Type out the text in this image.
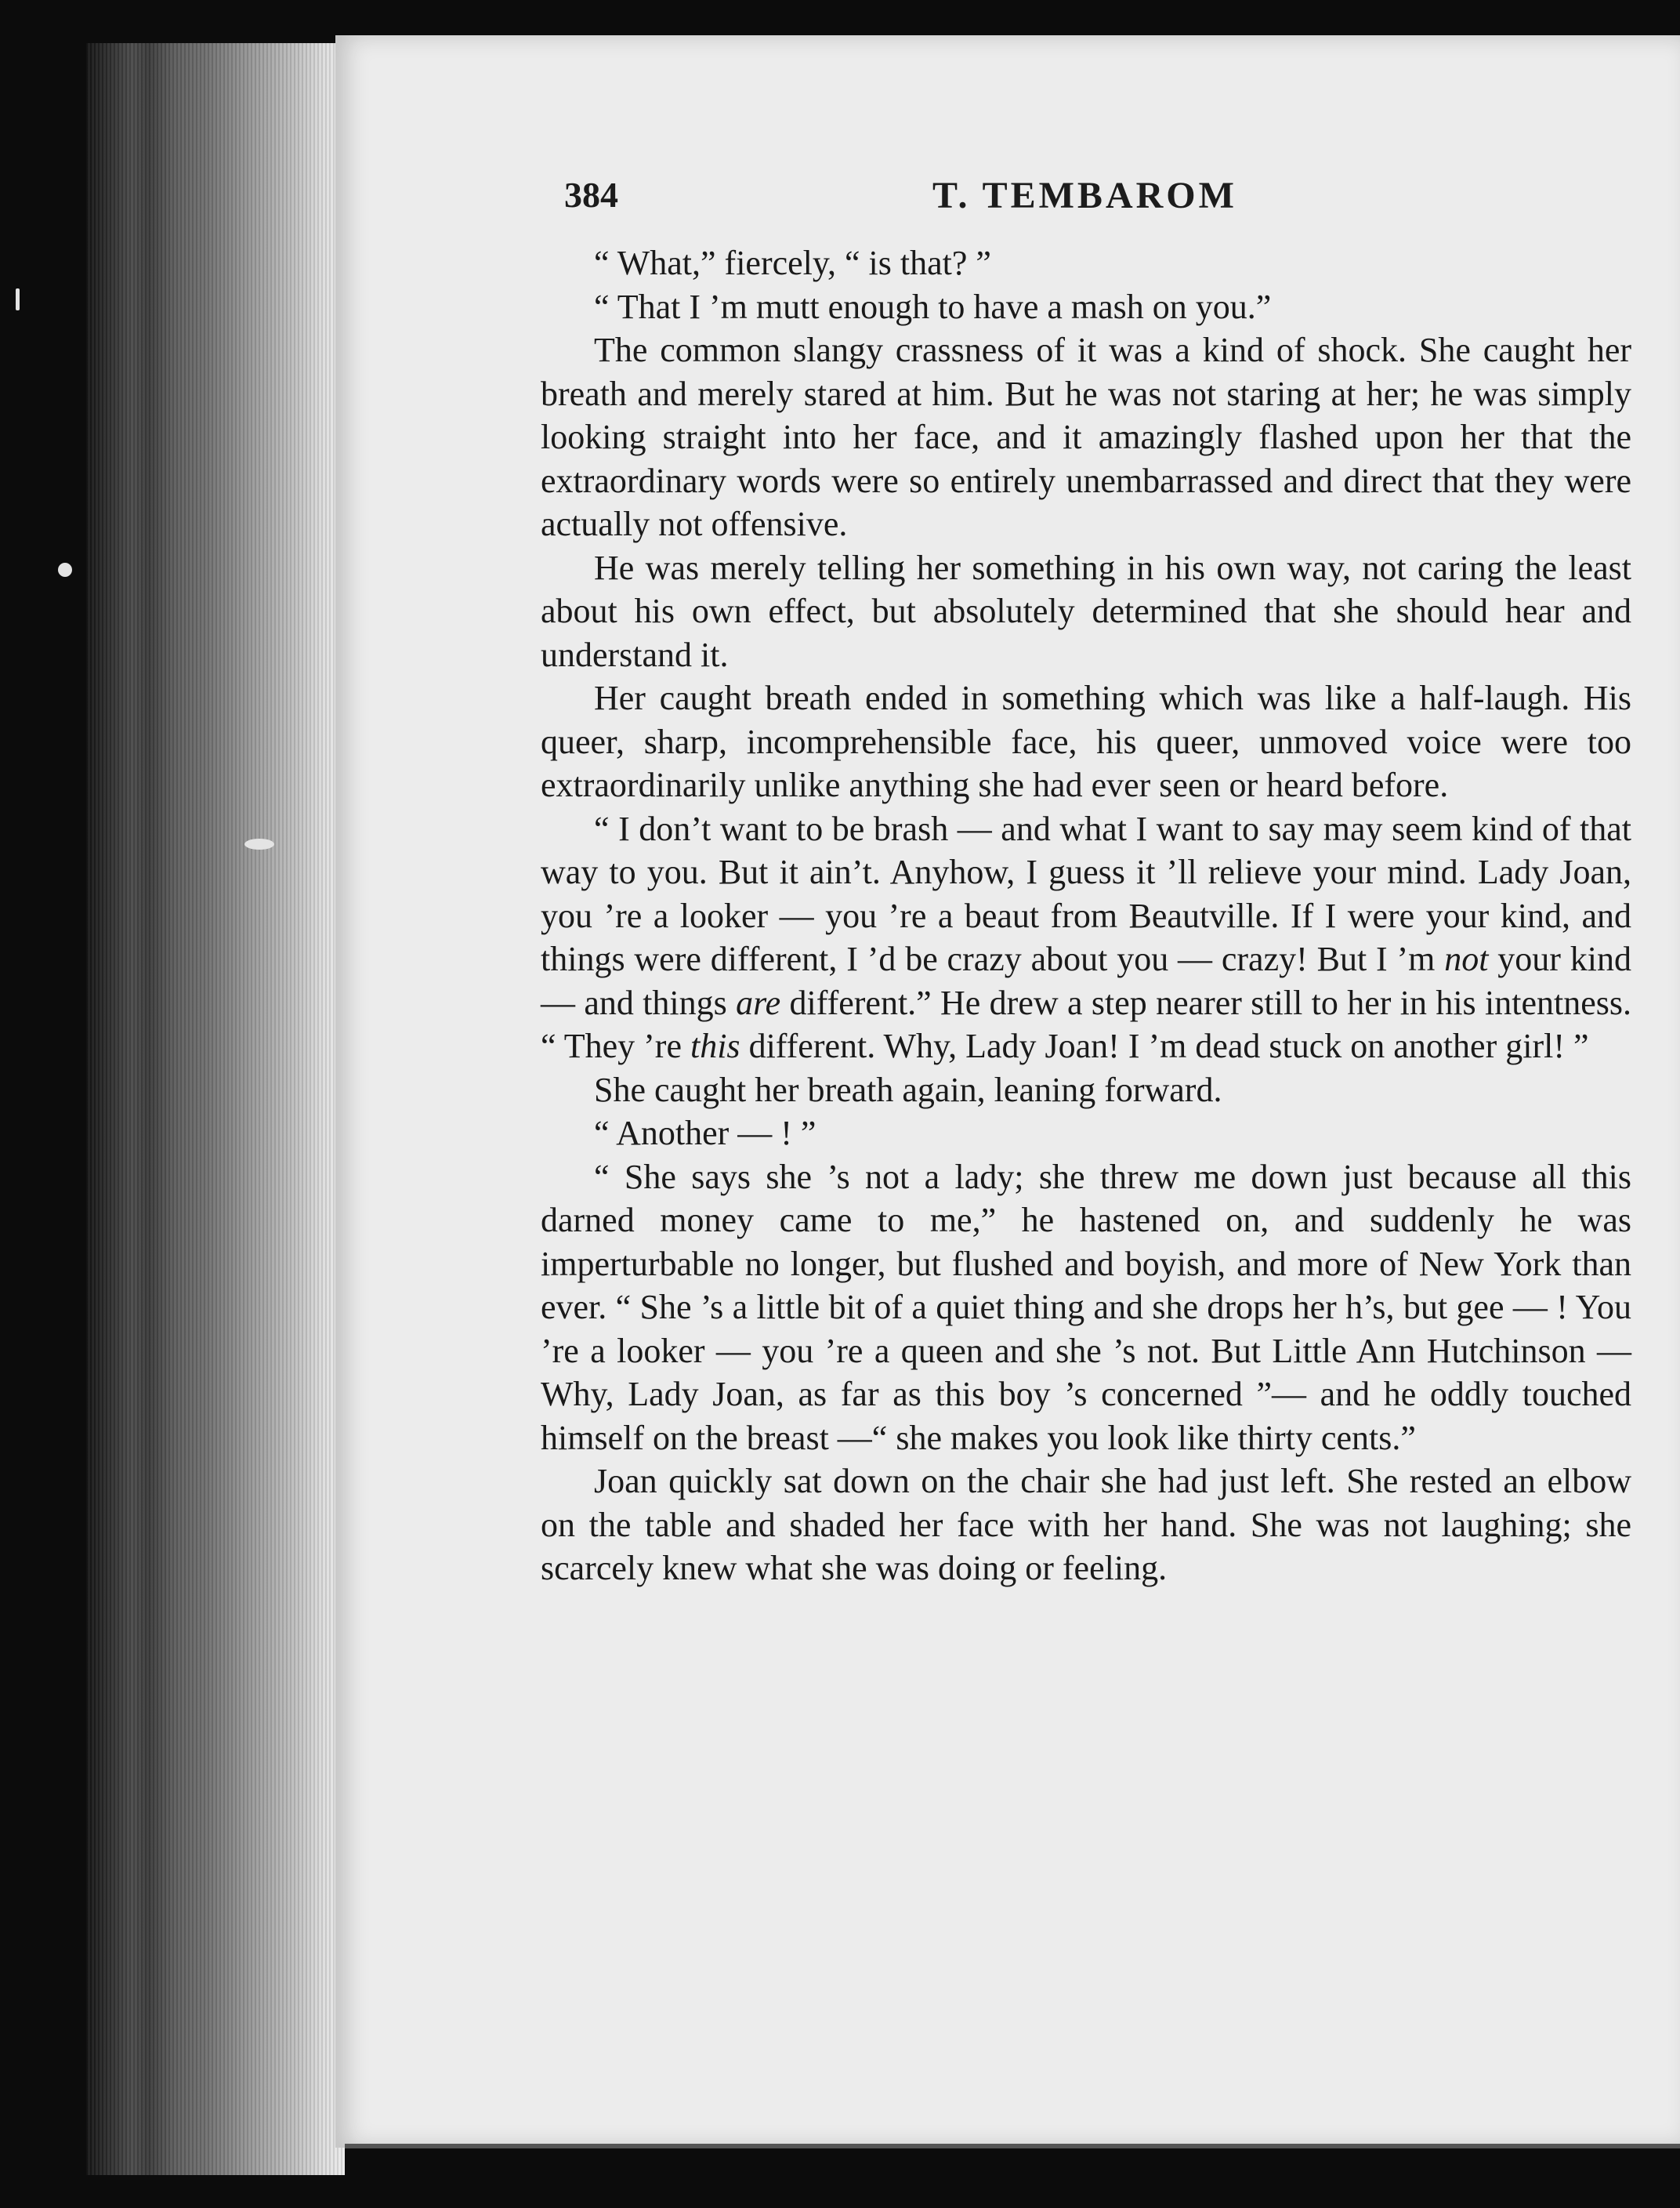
384	T. TEMBAROM

“ What,” fiercely, “ is that? ”

“ That I ’m mutt enough to have a mash on you.”

The common slangy crassness of it was a kind of shock. She caught her breath and merely stared at him. But he was not staring at her; he was simply looking straight into her face, and it amazingly flashed upon her that the extraordinary words were so entirely unembarrassed and direct that they were actually not offensive.

He was merely telling her something in his own way, not caring the least about his own effect, but absolutely determined that she should hear and understand it.

Her caught breath ended in something which was like a half-laugh. His queer, sharp, incomprehensible face, his queer, unmoved voice were too extraordinarily unlike anything she had ever seen or heard before.

“ I don’t want to be brash — and what I want to say may seem kind of that way to you. But it ain’t. Anyhow, I guess it ’ll relieve your mind. Lady Joan, you ’re a looker — you ’re a beaut from Beautville. If I were your kind, and things were different, I ’d be crazy about you — crazy! But I ’m not your kind — and things are different.” He drew a step nearer still to her in his intentness. “ They ’re this different. Why, Lady Joan! I ’m dead stuck on another girl! ”

She caught her breath again, leaning forward.

“ Another — ! ”

“ She says she ’s not a lady; she threw me down just because all this darned money came to me,” he hastened on, and suddenly he was imperturbable no longer, but flushed and boyish, and more of New York than ever. “ She ’s a little bit of a quiet thing and she drops her h’s, but gee — ! You ’re a looker — you ’re a queen and she ’s not. But Little Ann Hutchinson — Why, Lady Joan, as far as this boy ’s concerned ”— and he oddly touched himself on the breast —“ she makes you look like thirty cents.”

Joan quickly sat down on the chair she had just left. She rested an elbow on the table and shaded her face with her hand. She was not laughing; she scarcely knew what she was doing or feeling.
